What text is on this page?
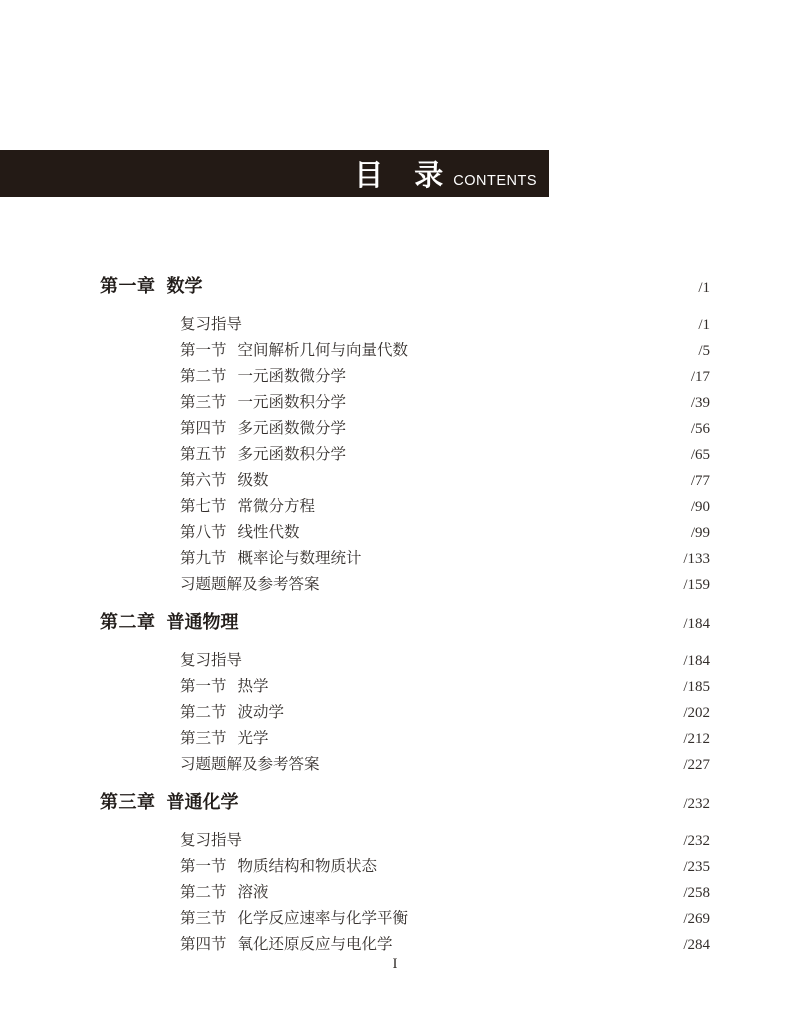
目　录 CONTENTS
第一章 数学	/1
复习指导	/1
第一节 空间解析几何与向量代数	/5
第二节 一元函数微分学	/17
第三节 一元函数积分学	/39
第四节 多元函数微分学	/56
第五节 多元函数积分学	/65
第六节 级数	/77
第七节 常微分方程	/90
第八节 线性代数	/99
第九节 概率论与数理统计	/133
习题题解及参考答案	/159
第二章 普通物理	/184
复习指导	/184
第一节 热学	/185
第二节 波动学	/202
第三节 光学	/212
习题题解及参考答案	/227
第三章 普通化学	/232
复习指导	/232
第一节 物质结构和物质状态	/235
第二节 溶液	/258
第三节 化学反应速率与化学平衡	/269
第四节 氧化还原反应与电化学	/284
I
